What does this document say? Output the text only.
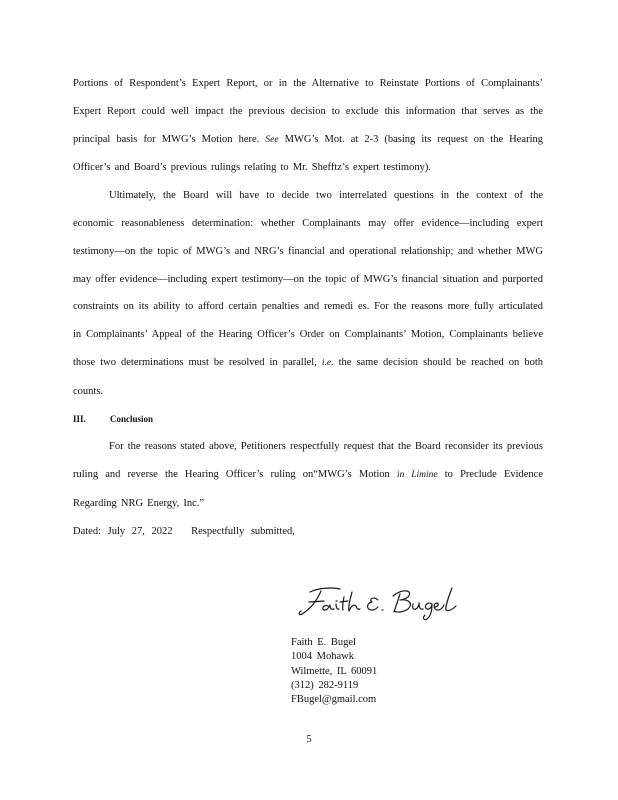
Portions of Respondent’s Expert Report, or in the Alternative to Reinstate Portions of Complainants’ Expert Report could well impact the previous decision to exclude this information that serves as the principal basis for MWG’s Motion here. See MWG’s Mot. at 2-3 (basing its request on the Hearing Officer’s and Board’s previous rulings relating to Mr. Shefftz’s expert testimony).

Ultimately, the Board will have to decide two interrelated questions in the context of the economic reasonableness determination: whether Complainants may offer evidence—including expert testimony—on the topic of MWG’s and NRG’s financial and operational relationship; and whether MWG may offer evidence—including expert testimony—on the topic of MWG’s financial situation and purported constraints on its ability to afford certain penalties and remedi es. For the reasons more fully articulated in Complainants’ Appeal of the Hearing Officer’s Order on Complainants’ Motion, Complainants believe those two determinations must be resolved in parallel, i.e. the same decision should be reached on both counts.

III.	Conclusion

For the reasons stated above, Petitioners respectfully request that the Board reconsider its previous ruling and reverse the Hearing Officer’s ruling on“MWG’s Motion in Limine to Preclude Evidence Regarding NRG Energy, Inc.”

Dated: July 27, 2022 Respectfully submitted,
Faith E. Bugel
1004 Mohawk
Wilmette, IL 60091
(312) 282-9119
FBugel@gmail.com
5
